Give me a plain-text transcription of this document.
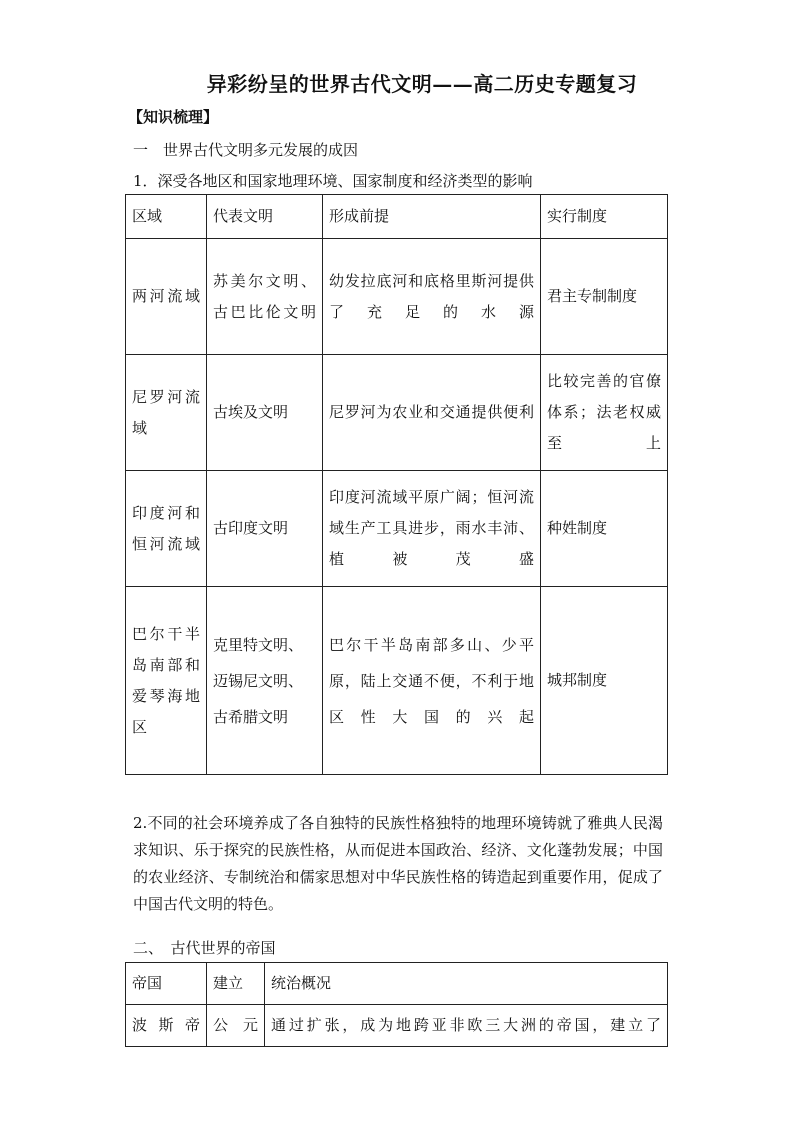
异彩纷呈的世界古代文明——高二历史专题复习
【知识梳理】
一　世界古代文明多元发展的成因
1．深受各地区和国家地理环境、国家制度和经济类型的影响
区域	代表文明	形成前提	实行制度

两河流域	苏美尔文明、古巴比伦文明	幼发拉底河和底格里斯河提供了充足的水源	君主专制制度

尼罗河流域	古埃及文明	尼罗河为农业和交通提供便利	比较完善的官僚体系；法老权威至上

印度河和恒河流域	古印度文明	印度河流域平原广阔；恒河流域生产工具进步，雨水丰沛、植被茂盛	种姓制度

巴尔干半岛南部和爱琴海地区	克里特文明、迈锡尼文明、古希腊文明	巴尔干半岛南部多山、少平原，陆上交通不便，不利于地区性大国的兴起	城邦制度
2.不同的社会环境养成了各自独特的民族性格独特的地理环境铸就了雅典人民渴求知识、乐于探究的民族性格，从而促进本国政治、经济、文化蓬勃发展；中国的农业经济、专制统治和儒家思想对中华民族性格的铸造起到重要作用，促成了中国古代文明的特色。
二、　古代世界的帝国
帝国	建立	统治概况

波斯帝	公　元	通过扩张，成为地跨亚非欧三大洲的帝国，建立了
